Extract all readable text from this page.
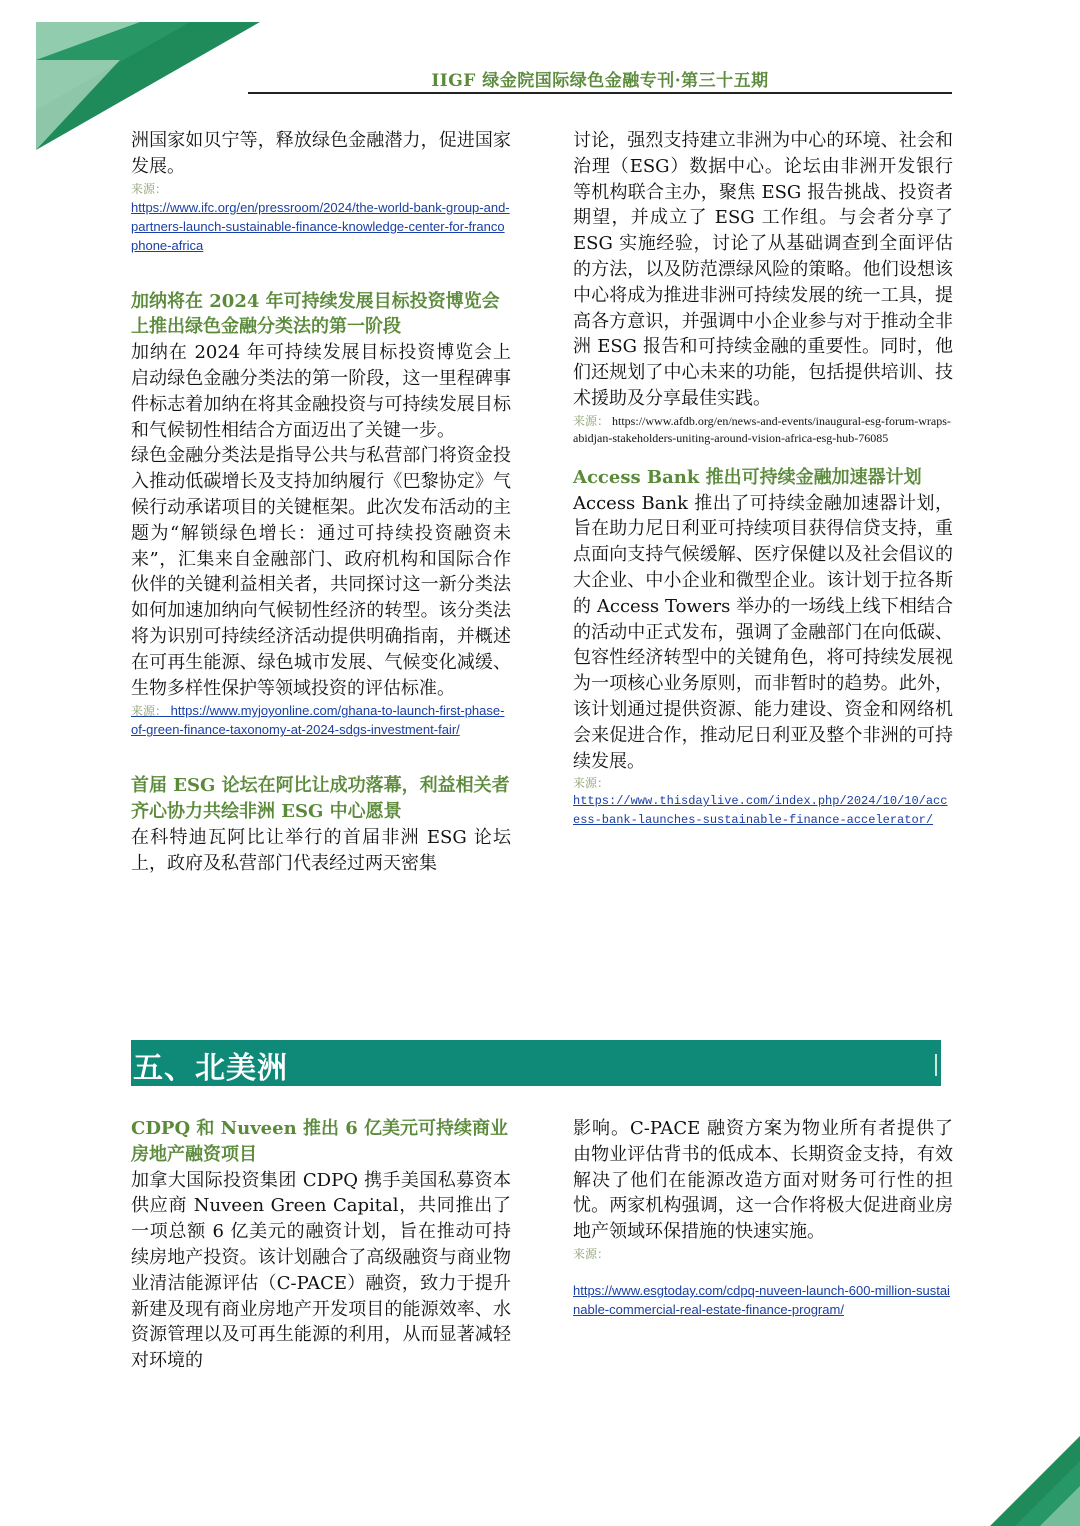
IIGF 绿金院国际绿色金融专刊·第三十五期

洲国家如贝宁等，释放绿色金融潜力，促进国家发展。

来源：

https://www.ifc.org/en/pressroom/2024/the-world-bank-group-and-partners-launch-sustainable-finance-knowledge-center-for-francophone-africa

加纳将在 2024 年可持续发展目标投资博览会上推出绿色金融分类法的第一阶段

加纳在 2024 年可持续发展目标投资博览会上启动绿色金融分类法的第一阶段，这一里程碑事件标志着加纳在将其金融投资与可持续发展目标和气候韧性相结合方面迈出了关键一步。

绿色金融分类法是指导公共与私营部门将资金投入推动低碳增长及支持加纳履行《巴黎协定》气候行动承诺项目的关键框架。此次发布活动的主题为“解锁绿色增长：通过可持续投资融资未来”，汇集来自金融部门、政府机构和国际合作伙伴的关键利益相关者，共同探讨这一新分类法如何加速加纳向气候韧性经济的转型。该分类法将为识别可持续经济活动提供明确指南，并概述在可再生能源、绿色城市发展、气候变化减缓、生物多样性保护等领域投资的评估标准。

来源： https://www.myjoyonline.com/ghana-to-launch-first-phase-of-green-finance-taxonomy-at-2024-sdgs-investment-fair/

首届 ESG 论坛在阿比让成功落幕，利益相关者齐心协力共绘非洲 ESG 中心愿景

在科特迪瓦阿比让举行的首届非洲 ESG 论坛上，政府及私营部门代表经过两天密集

讨论，强烈支持建立非洲为中心的环境、社会和治理（ESG）数据中心。论坛由非洲开发银行等机构联合主办，聚焦 ESG 报告挑战、投资者期望，并成立了 ESG 工作组。与会者分享了 ESG 实施经验，讨论了从基础调查到全面评估的方法，以及防范漂绿风险的策略。他们设想该中心将成为推进非洲可持续发展的统一工具，提高各方意识，并强调中小企业参与对于推动全非洲 ESG 报告和可持续金融的重要性。同时，他们还规划了中心未来的功能，包括提供培训、技术援助及分享最佳实践。

来源： https://www.afdb.org/en/news-and-events/inaugural-esg-forum-wraps-abidjan-stakeholders-uniting-around-vision-africa-esg-hub-76085

Access Bank 推出可持续金融加速器计划

Access Bank 推出了可持续金融加速器计划，旨在助力尼日利亚可持续项目获得信贷支持，重点面向支持气候缓解、医疗保健以及社会倡议的大企业、中小企业和微型企业。该计划于拉各斯的 Access Towers 举办的一场线上线下相结合的活动中正式发布，强调了金融部门在向低碳、包容性经济转型中的关键角色，将可持续发展视为一项核心业务原则，而非暂时的趋势。此外，该计划通过提供资源、能力建设、资金和网络机会来促进合作，推动尼日利亚及整个非洲的可持续发展。

来源：

https://www.thisdaylive.com/index.php/2024/10/10/access-bank-launches-sustainable-finance-accelerator/

五、北美洲

CDPQ 和 Nuveen 推出 6 亿美元可持续商业房地产融资项目

加拿大国际投资集团 CDPQ 携手美国私募资本供应商 Nuveen Green Capital，共同推出了一项总额 6 亿美元的融资计划，旨在推动可持续房地产投资。该计划融合了高级融资与商业物业清洁能源评估（C-PACE）融资，致力于提升新建及现有商业房地产开发项目的能源效率、水资源管理以及可再生能源的利用，从而显著减轻对环境的

影响。C-PACE 融资方案为物业所有者提供了由物业评估背书的低成本、长期资金支持，有效解决了他们在能源改造方面对财务可行性的担忧。两家机构强调，这一合作将极大促进商业房地产领域环保措施的快速实施。

来源：

https://www.esgtoday.com/cdpq-nuveen-launch-600-million-sustainable-commercial-real-estate-finance-program/
